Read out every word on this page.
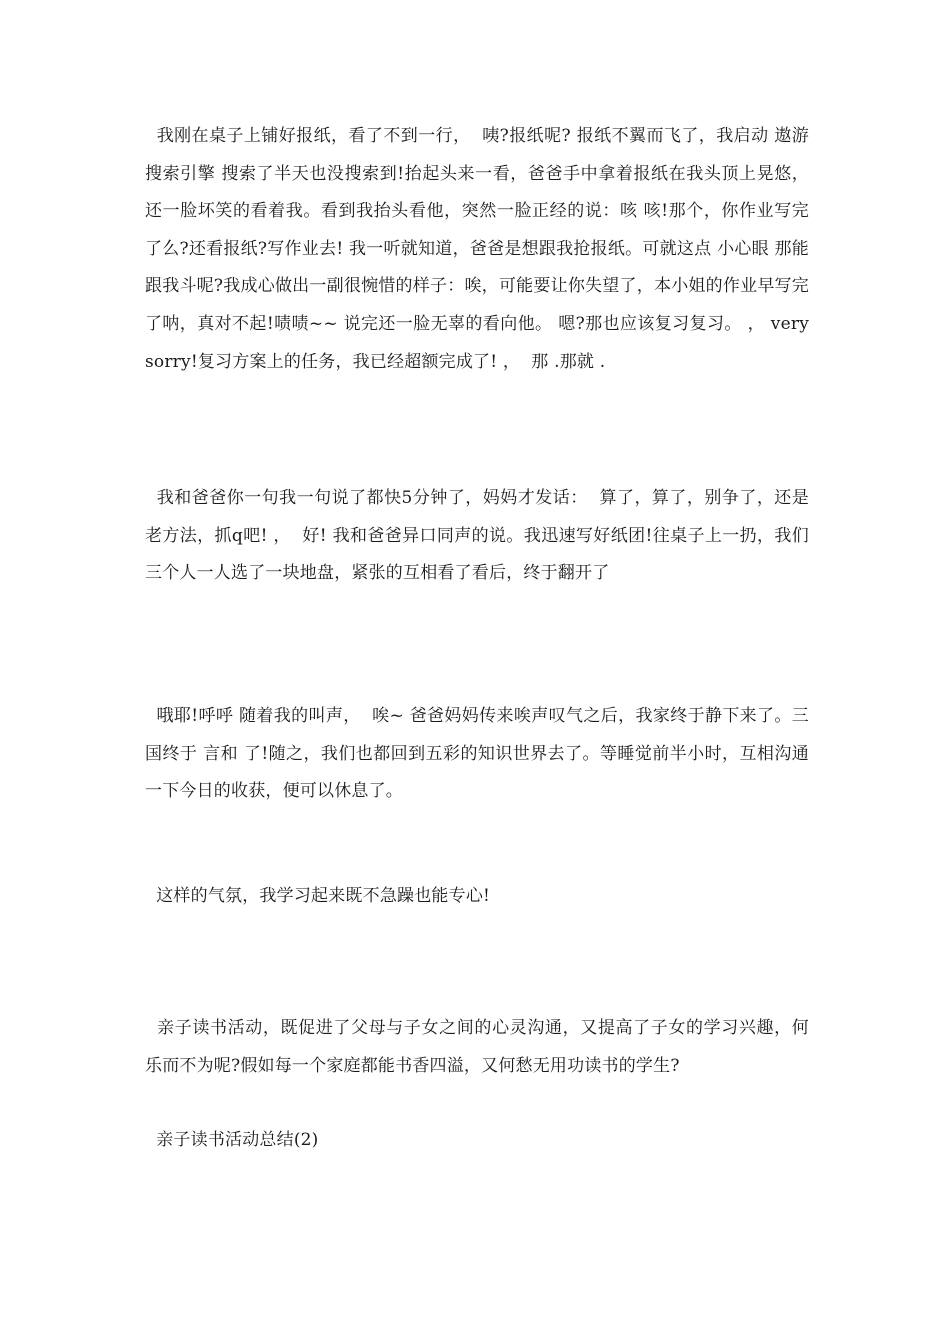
我刚在桌子上铺好报纸，看了不到一行，  咦?报纸呢? 报纸不翼而飞了，我启动 遨游搜索引擎 搜索了半天也没搜索到!抬起头来一看，爸爸手中拿着报纸在我头顶上晃悠，还一脸坏笑的看着我。看到我抬头看他，突然一脸正经的说：咳 咳!那个，你作业写完了么?还看报纸?写作业去! 我一听就知道，爸爸是想跟我抢报纸。可就这点 小心眼 那能跟我斗呢?我成心做出一副很惋惜的样子：唉，可能要让你失望了，本小姐的作业早写完了呐，真对不起!啧啧~~ 说完还一脸无辜的看向他。 嗯?那也应该复习复习。 ， very sorry!复习方案上的任务，我已经超额完成了! ，  那 .那就 .

我和爸爸你一句我一句说了都快5分钟了，妈妈才发话：  算了，算了，别争了，还是老方法，抓q吧! ，  好! 我和爸爸异口同声的说。我迅速写好纸团!往桌子上一扔，我们三个人一人选了一块地盘，紧张的互相看了看后，终于翻开了

哦耶!呼呼 随着我的叫声，  唉~ 爸爸妈妈传来唉声叹气之后，我家终于静下来了。三国终于 言和 了!随之，我们也都回到五彩的知识世界去了。等睡觉前半小时，互相沟通一下今日的收获，便可以休息了。

这样的气氛，我学习起来既不急躁也能专心!

亲子读书活动，既促进了父母与子女之间的心灵沟通，又提高了子女的学习兴趣，何乐而不为呢?假如每一个家庭都能书香四溢，又何愁无用功读书的学生?

亲子读书活动总结(2)
